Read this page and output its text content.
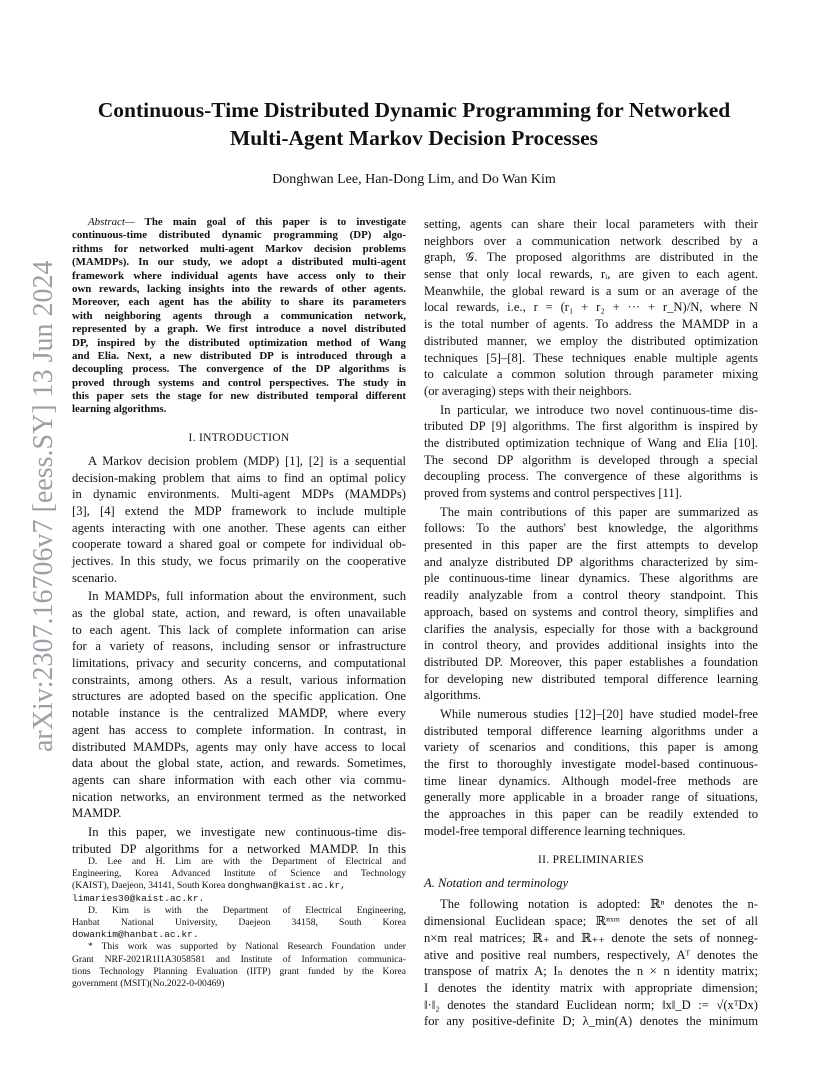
arXiv:2307.16706v7 [eess.SY] 13 Jun 2024
Continuous-Time Distributed Dynamic Programming for Networked
Multi-Agent Markov Decision Processes
Donghwan Lee, Han-Dong Lim, and Do Wan Kim
Abstract— The main goal of this paper is to investigate
continuous-time distributed dynamic programming (DP) algo-
rithms for networked multi-agent Markov decision problems
(MAMDPs). In our study, we adopt a distributed multi-agent
framework where individual agents have access only to their
own rewards, lacking insights into the rewards of other agents.
Moreover, each agent has the ability to share its parameters
with neighboring agents through a communication network,
represented by a graph. We first introduce a novel distributed
DP, inspired by the distributed optimization method of Wang
and Elia. Next, a new distributed DP is introduced through a
decoupling process. The convergence of the DP algorithms is
proved through systems and control perspectives. The study in
this paper sets the stage for new distributed temporal different
learning algorithms.
I. INTRODUCTION
A Markov decision problem (MDP) [1], [2] is a sequential
decision-making problem that aims to find an optimal policy
in dynamic environments. Multi-agent MDPs (MAMDPs)
[3], [4] extend the MDP framework to include multiple
agents interacting with one another. These agents can either
cooperate toward a shared goal or compete for individual ob-
jectives. In this study, we focus primarily on the cooperative
scenario.
In MAMDPs, full information about the environment, such
as the global state, action, and reward, is often unavailable
to each agent. This lack of complete information can arise
for a variety of reasons, including sensor or infrastructure
limitations, privacy and security concerns, and computational
constraints, among others. As a result, various information
structures are adopted based on the specific application. One
notable instance is the centralized MAMDP, where every
agent has access to complete information. In contrast, in
distributed MAMDPs, agents may only have access to local
data about the global state, action, and rewards. Sometimes,
agents can share information with each other via commu-
nication networks, an environment termed as the networked
MAMDP.
In this paper, we investigate new continuous-time dis-
tributed DP algorithms for a networked MAMDP. In this
D. Lee and H. Lim are with the Department of Electrical and
Engineering, Korea Advanced Institute of Science and Technology
(KAIST), Daejeon, 34141, South Korea donghwan@kaist.ac.kr,
limaries30@kaist.ac.kr.
D. Kim is with the Department of Electrical Engineering,
Hanbat National University, Daejeon 34158, South Korea
dowankim@hanbat.ac.kr.
* This work was supported by National Research Foundation under
Grant NRF-2021R1I1A3058581 and Institute of Information communica-
tions Technology Planning Evaluation (IITP) grant funded by the Korea
government (MSIT)(No.2022-0-00469)
setting, agents can share their local parameters with their
neighbors over a communication network described by a
graph, 𝒢. The proposed algorithms are distributed in the
sense that only local rewards, rᵢ, are given to each agent.
Meanwhile, the global reward is a sum or an average of the
local rewards, i.e., r = (r₁ + r₂ + ··· + r_N)/N, where N
is the total number of agents. To address the MAMDP in a
distributed manner, we employ the distributed optimization
techniques [5]–[8]. These techniques enable multiple agents
to calculate a common solution through parameter mixing
(or averaging) steps with their neighbors.
In particular, we introduce two novel continuous-time dis-
tributed DP [9] algorithms. The first algorithm is inspired by
the distributed optimization technique of Wang and Elia [10].
The second DP algorithm is developed through a special
decoupling process. The convergence of these algorithms is
proved from systems and control perspectives [11].
The main contributions of this paper are summarized as
follows: To the authors' best knowledge, the algorithms
presented in this paper are the first attempts to develop
and analyze distributed DP algorithms characterized by sim-
ple continuous-time linear dynamics. These algorithms are
readily analyzable from a control theory standpoint. This
approach, based on systems and control theory, simplifies and
clarifies the analysis, especially for those with a background
in control theory, and provides additional insights into the
distributed DP. Moreover, this paper establishes a foundation
for developing new distributed temporal difference learning
algorithms.
While numerous studies [12]–[20] have studied model-free
distributed temporal difference learning algorithms under a
variety of scenarios and conditions, this paper is among
the first to thoroughly investigate model-based continuous-
time linear dynamics. Although model-free methods are
generally more applicable in a broader range of situations,
the approaches in this paper can be readily extended to
model-free temporal difference learning techniques.
II. PRELIMINARIES
A. Notation and terminology
The following notation is adopted: ℝⁿ denotes the n-
dimensional Euclidean space; ℝⁿˣᵐ denotes the set of all
n×m real matrices; ℝ₊ and ℝ₊₊ denote the sets of nonneg-
ative and positive real numbers, respectively, Aᵀ denotes the
transpose of matrix A; Iₙ denotes the n × n identity matrix;
I denotes the identity matrix with appropriate dimension;
‖·‖₂ denotes the standard Euclidean norm; ‖x‖_D := √(xᵀDx)
for any positive-definite D; λ_min(A) denotes the minimum
